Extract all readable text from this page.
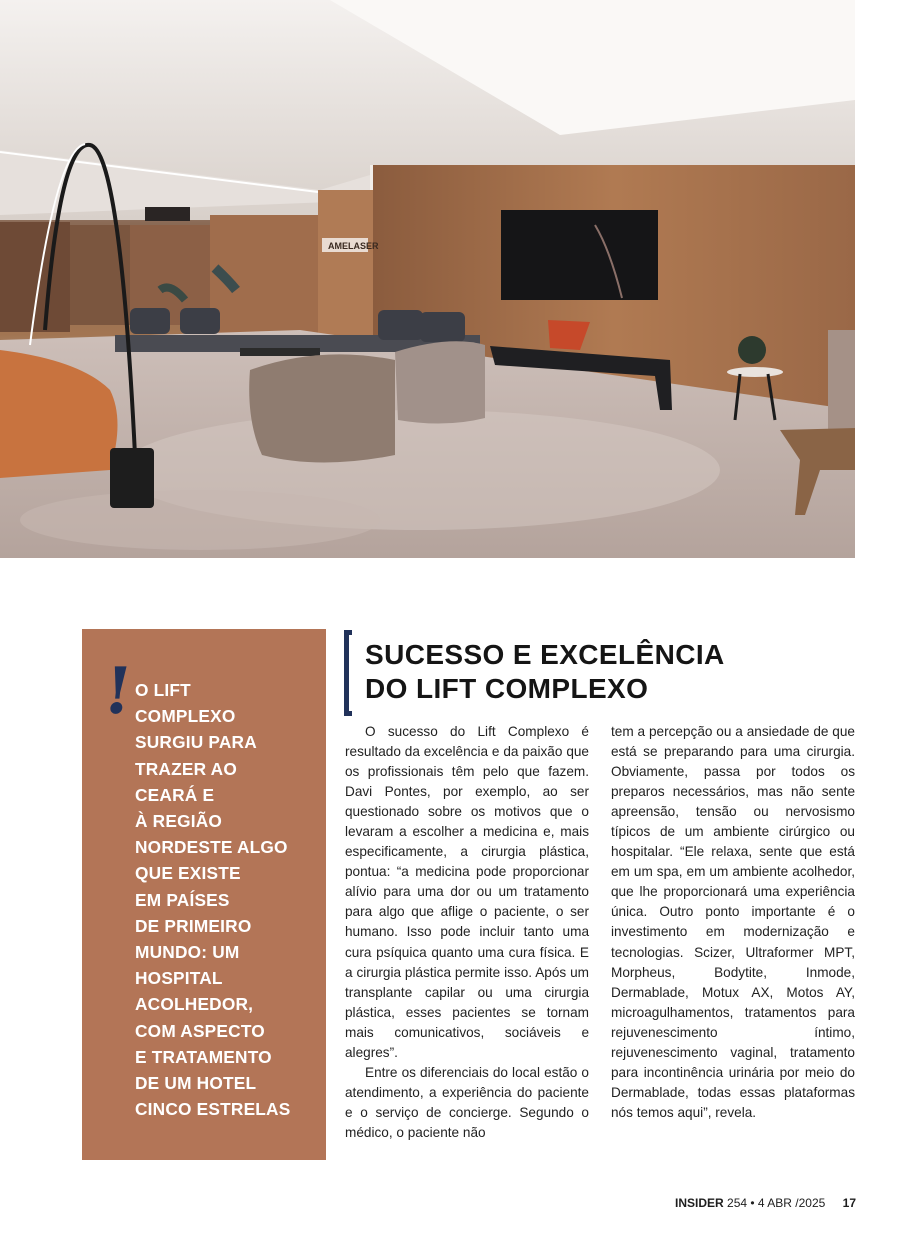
AMELASER
!
O LIFT
COMPLEXO
SURGIU PARA
TRAZER AO
CEARÁ E
À REGIÃO
NORDESTE ALGO
QUE EXISTE
EM PAÍSES
DE PRIMEIRO
MUNDO: UM
HOSPITAL
ACOLHEDOR,
COM ASPECTO
E TRATAMENTO
DE UM HOTEL
CINCO ESTRELAS
SUCESSO E EXCELÊNCIA
DO LIFT COMPLEXO

O sucesso do Lift Complexo é resultado da excelência e da paixão que os profissionais têm pelo que fazem. Davi Pontes, por exemplo, ao ser questionado sobre os motivos que o levaram a escolher a medicina e, mais especificamente, a cirurgia plástica, pontua: “a medicina pode proporcionar alívio para uma dor ou um tratamento para algo que aflige o paciente, o ser humano. Isso pode incluir tanto uma cura psíquica quanto uma cura física. E a cirurgia plástica permite isso. Após um transplante capilar ou uma cirurgia plástica, esses pacientes se tornam mais comunicativos, sociáveis e alegres”.

Entre os diferenciais do local estão o atendimento, a experiência do paciente e o serviço de concierge. Segundo o médico, o paciente não

tem a percepção ou a ansiedade de que está se preparando para uma cirurgia. Obviamente, passa por todos os preparos necessários, mas não sente apreensão, tensão ou nervosismo típicos de um ambiente cirúrgico ou hospitalar. “Ele relaxa, sente que está em um spa, em um ambiente acolhedor, que lhe proporcionará uma experiência única. Outro ponto importante é o investimento em modernização e tecnologias. Scizer, Ultraformer MPT, Morpheus, Bodytite, Inmode, Dermablade, Motux AX, Motos AY, microagulhamentos, tratamentos para rejuvenescimento íntimo, rejuvenescimento vaginal, tratamento para incontinência urinária por meio do Dermablade, todas essas plataformas nós temos aqui”, revela.

INSIDER 254 • 4 ABR /2025 17
